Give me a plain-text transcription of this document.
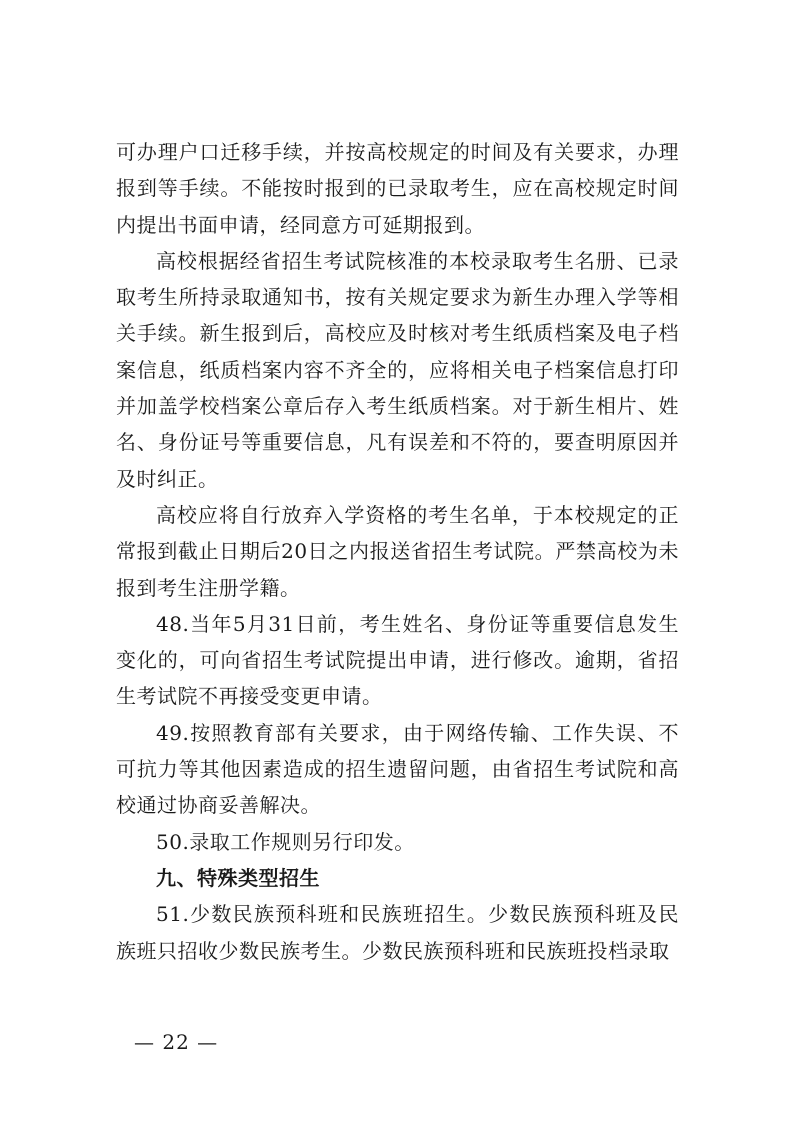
可办理户口迁移手续，并按高校规定的时间及有关要求，办理报到等手续。不能按时报到的已录取考生，应在高校规定时间内提出书面申请，经同意方可延期报到。

高校根据经省招生考试院核准的本校录取考生名册、已录取考生所持录取通知书，按有关规定要求为新生办理入学等相关手续。新生报到后，高校应及时核对考生纸质档案及电子档案信息，纸质档案内容不齐全的，应将相关电子档案信息打印并加盖学校档案公章后存入考生纸质档案。对于新生相片、姓名、身份证号等重要信息，凡有误差和不符的，要查明原因并及时纠正。

高校应将自行放弃入学资格的考生名单，于本校规定的正常报到截止日期后20日之内报送省招生考试院。严禁高校为未报到考生注册学籍。

48.当年5月31日前，考生姓名、身份证等重要信息发生变化的，可向省招生考试院提出申请，进行修改。逾期，省招生考试院不再接受变更申请。

49.按照教育部有关要求，由于网络传输、工作失误、不可抗力等其他因素造成的招生遗留问题，由省招生考试院和高校通过协商妥善解决。

50.录取工作规则另行印发。

九、特殊类型招生

51.少数民族预科班和民族班招生。少数民族预科班及民族班只招收少数民族考生。少数民族预科班和民族班投档录取

— 22 —
